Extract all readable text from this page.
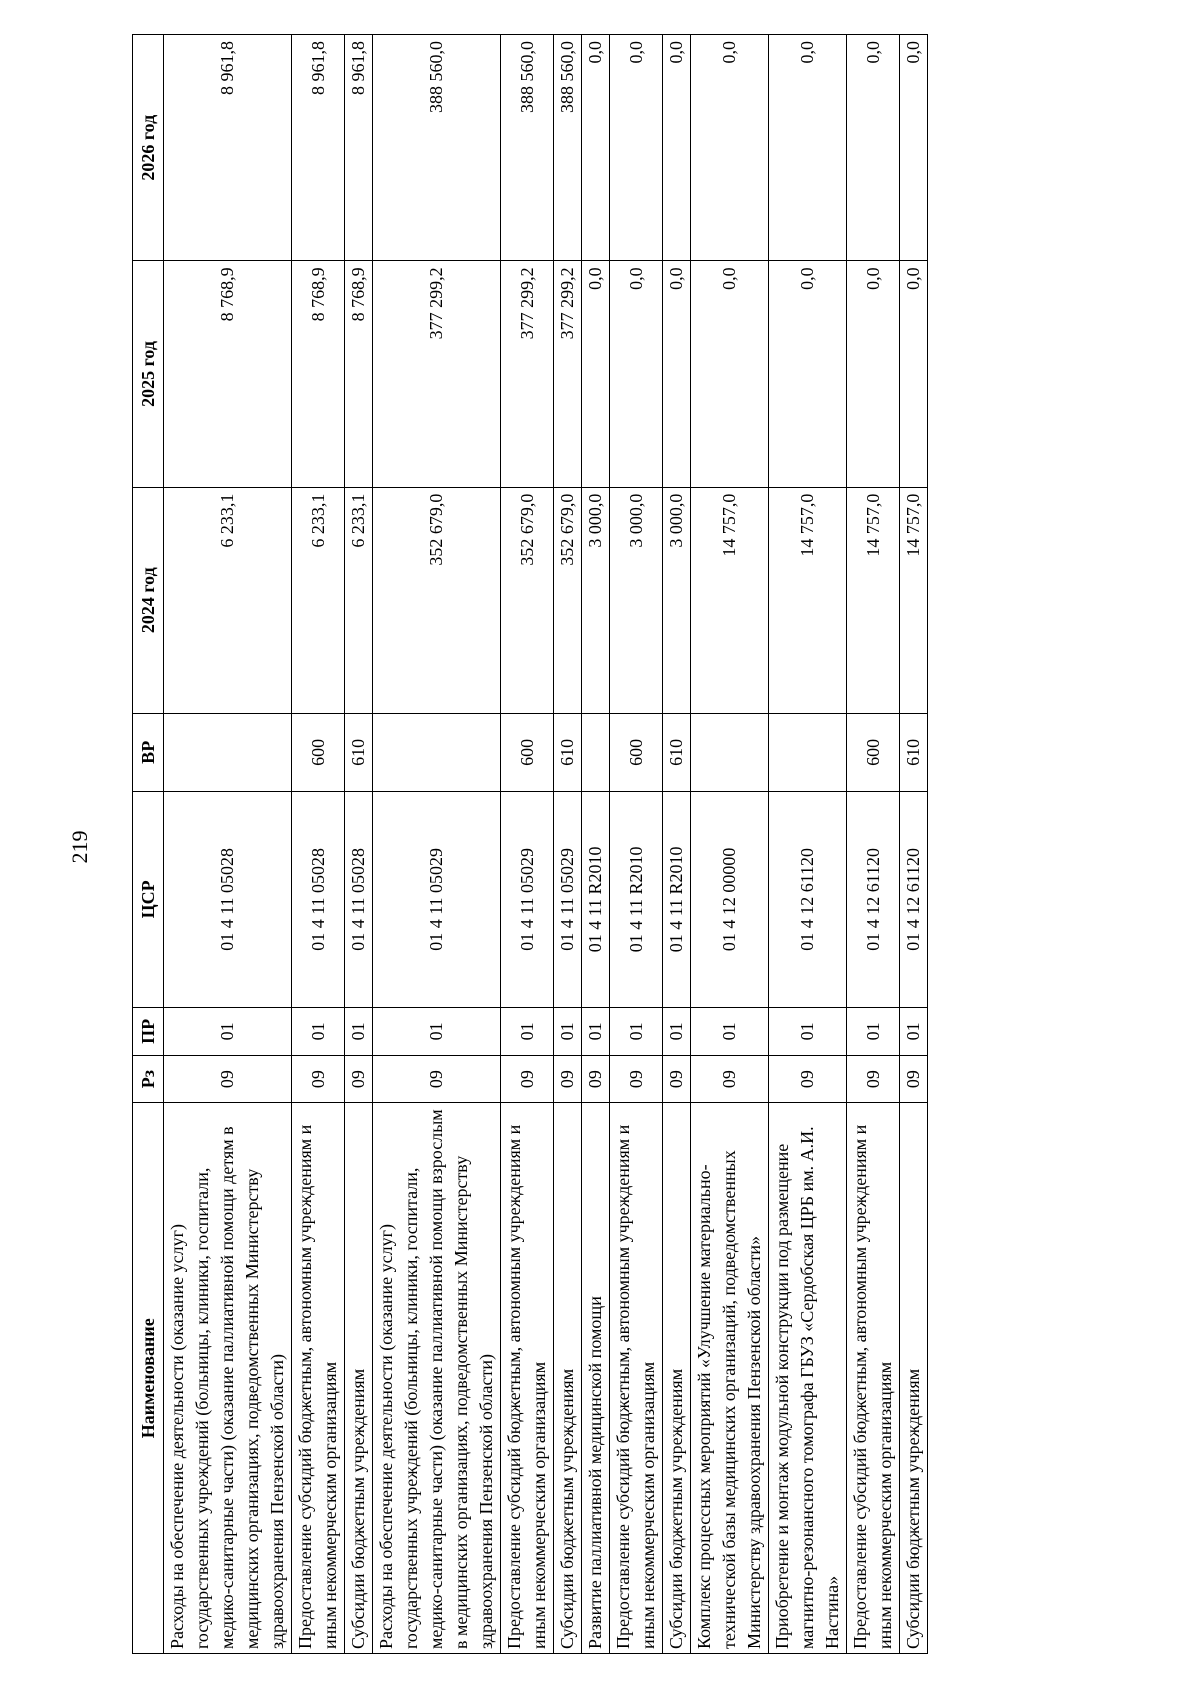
219
Наименование	Рз	ПР	ЦСР	ВР	2024 год	2025 год	2026 год
Расходы на обеспечение деятельности (оказание услуг) государственных учреждений (больницы, клиники, госпитали, медико-санитарные части) (оказание паллиативной помощи детям в медицинских организациях, подведомственных Министерству здравоохранения Пензенской области)	09	01	01 4 11 05028		6 233,1	8 768,9	8 961,8
Предоставление субсидий бюджетным, автономным учреждениям и иным некоммерческим организациям	09	01	01 4 11 05028	600	6 233,1	8 768,9	8 961,8
Субсидии бюджетным учреждениям	09	01	01 4 11 05028	610	6 233,1	8 768,9	8 961,8
Расходы на обеспечение деятельности (оказание услуг) государственных учреждений (больницы, клиники, госпитали, медико-санитарные части) (оказание паллиативной помощи взрослым в медицинских организациях, подведомственных Министерству здравоохранения Пензенской области)	09	01	01 4 11 05029		352 679,0	377 299,2	388 560,0
Предоставление субсидий бюджетным, автономным учреждениям и иным некоммерческим организациям	09	01	01 4 11 05029	600	352 679,0	377 299,2	388 560,0
Субсидии бюджетным учреждениям	09	01	01 4 11 05029	610	352 679,0	377 299,2	388 560,0
Развитие паллиативной медицинской помощи	09	01	01 4 11 R2010		3 000,0	0,0	0,0
Предоставление субсидий бюджетным, автономным учреждениям и иным некоммерческим организациям	09	01	01 4 11 R2010	600	3 000,0	0,0	0,0
Субсидии бюджетным учреждениям	09	01	01 4 11 R2010	610	3 000,0	0,0	0,0
Комплекс процессных мероприятий «Улучшение материально-технической базы медицинских организаций, подведомственных Министерству здравоохранения Пензенской области»	09	01	01 4 12 00000		14 757,0	0,0	0,0
Приобретение и монтаж модульной конструкции под размещение магнитно-резонансного томографа ГБУЗ «Сердобская ЦРБ им. А.И. Настина»	09	01	01 4 12 61120		14 757,0	0,0	0,0
Предоставление субсидий бюджетным, автономным учреждениям и иным некоммерческим организациям	09	01	01 4 12 61120	600	14 757,0	0,0	0,0
Субсидии бюджетным учреждениям	09	01	01 4 12 61120	610	14 757,0	0,0	0,0
